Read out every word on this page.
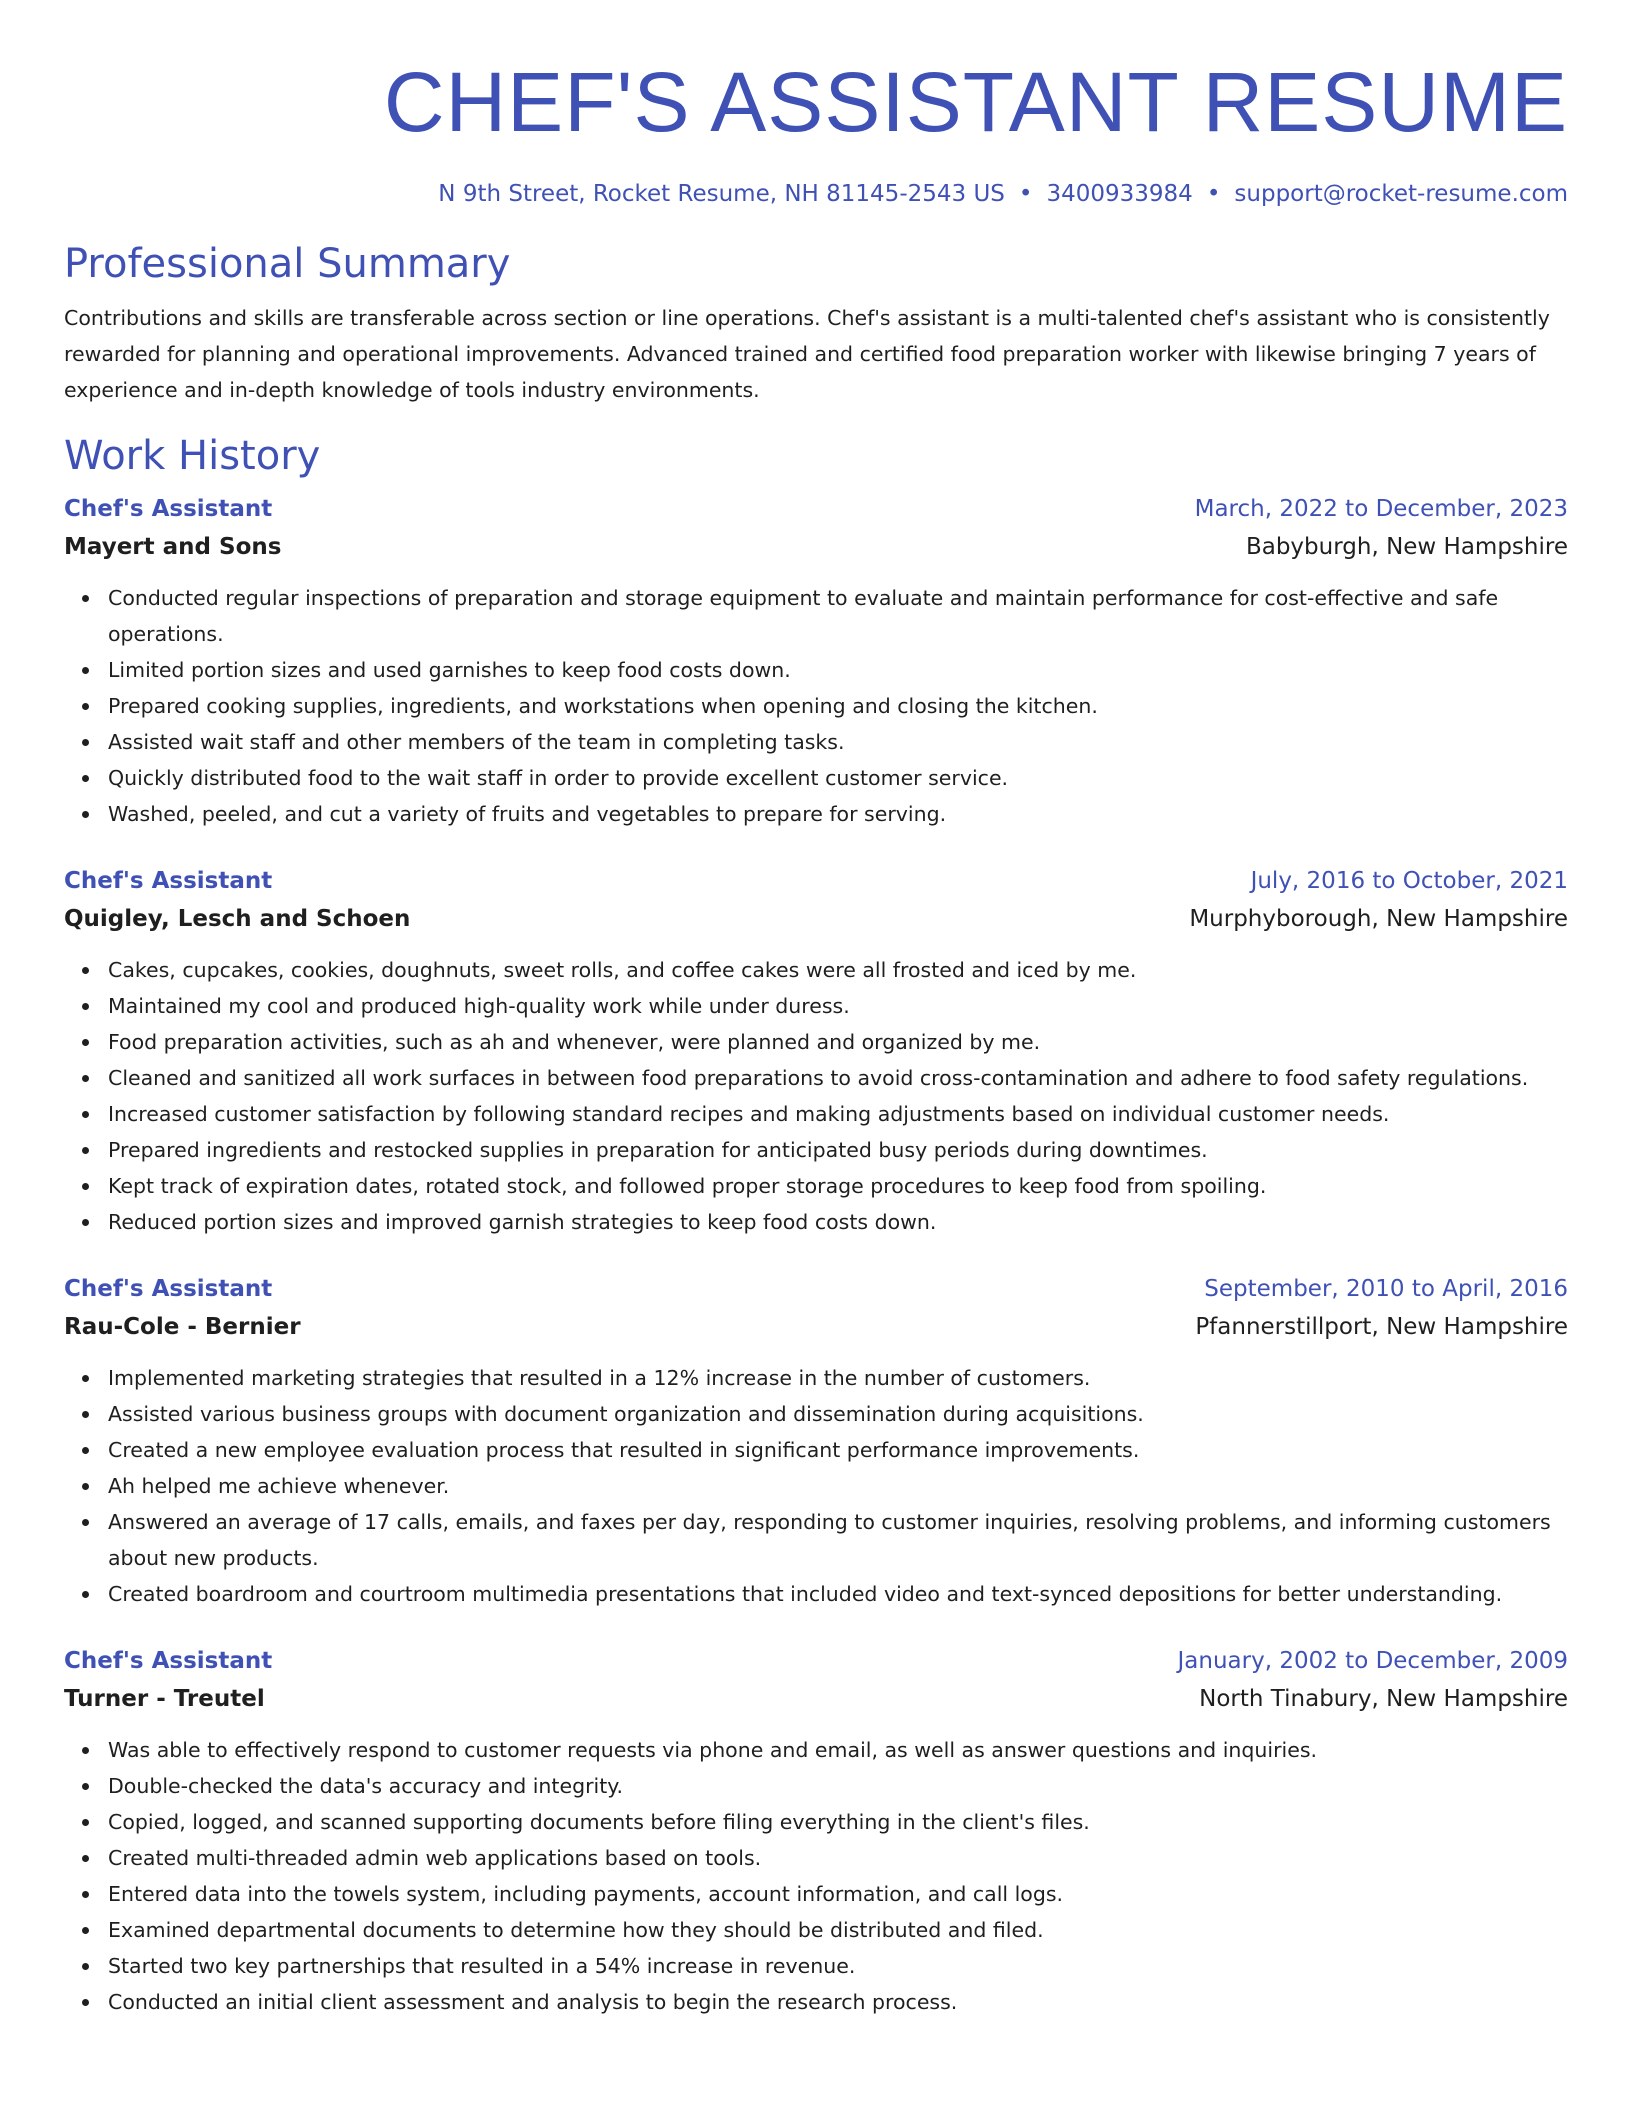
CHEF'S ASSISTANT RESUME
N 9th Street, Rocket Resume, NH 81145-2543 US • 3400933984 • support@rocket-resume.com
Professional Summary

Contributions and skills are transferable across section or line operations. Chef's assistant is a multi-talented chef's assistant who is consistently rewarded for planning and operational improvements. Advanced trained and certified food preparation worker with likewise bringing 7 years of experience and in-depth knowledge of tools industry environments.

Work History
Chef's Assistant	March, 2022 to December, 2023
Mayert and Sons	Babyburgh, New Hampshire
Conducted regular inspections of preparation and storage equipment to evaluate and maintain performance for cost-effective and safe operations.
Limited portion sizes and used garnishes to keep food costs down.
Prepared cooking supplies, ingredients, and workstations when opening and closing the kitchen.
Assisted wait staff and other members of the team in completing tasks.
Quickly distributed food to the wait staff in order to provide excellent customer service.
Washed, peeled, and cut a variety of fruits and vegetables to prepare for serving.
Chef's Assistant	July, 2016 to October, 2021
Quigley, Lesch and Schoen	Murphyborough, New Hampshire
Cakes, cupcakes, cookies, doughnuts, sweet rolls, and coffee cakes were all frosted and iced by me.
Maintained my cool and produced high-quality work while under duress.
Food preparation activities, such as ah and whenever, were planned and organized by me.
Cleaned and sanitized all work surfaces in between food preparations to avoid cross-contamination and adhere to food safety regulations.
Increased customer satisfaction by following standard recipes and making adjustments based on individual customer needs.
Prepared ingredients and restocked supplies in preparation for anticipated busy periods during downtimes.
Kept track of expiration dates, rotated stock, and followed proper storage procedures to keep food from spoiling.
Reduced portion sizes and improved garnish strategies to keep food costs down.
Chef's Assistant	September, 2010 to April, 2016
Rau-Cole - Bernier	Pfannerstillport, New Hampshire
Implemented marketing strategies that resulted in a 12% increase in the number of customers.
Assisted various business groups with document organization and dissemination during acquisitions.
Created a new employee evaluation process that resulted in significant performance improvements.
Ah helped me achieve whenever.
Answered an average of 17 calls, emails, and faxes per day, responding to customer inquiries, resolving problems, and informing customers about new products.
Created boardroom and courtroom multimedia presentations that included video and text-synced depositions for better understanding.
Chef's Assistant	January, 2002 to December, 2009
Turner - Treutel	North Tinabury, New Hampshire
Was able to effectively respond to customer requests via phone and email, as well as answer questions and inquiries.
Double-checked the data's accuracy and integrity.
Copied, logged, and scanned supporting documents before filing everything in the client's files.
Created multi-threaded admin web applications based on tools.
Entered data into the towels system, including payments, account information, and call logs.
Examined departmental documents to determine how they should be distributed and filed.
Started two key partnerships that resulted in a 54% increase in revenue.
Conducted an initial client assessment and analysis to begin the research process.
